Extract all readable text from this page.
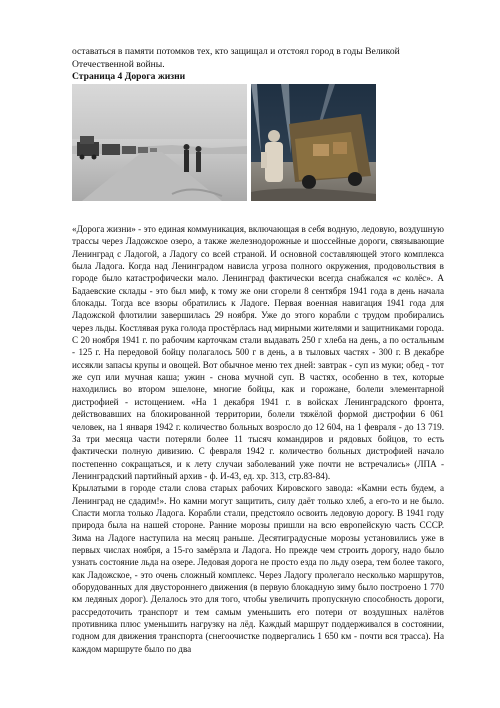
оставаться в памяти потомков тех, кто защищал и отстоял город в годы Великой Отечественной войны.

Страница 4 Дорога жизни

«Дорога жизни» - это единая коммуникация, включающая в себя водную, ледовую, воздушную трассы через Ладожское озеро, а также железнодорожные и шоссейные дороги, связывающие Ленинград с Ладогой, а Ладогу со всей страной. И основной составляющей этого комплекса была Ладога. Когда над Ленинградом нависла угроза полного окружения, продовольствия в городе было катастрофически мало. Ленинград фактически всегда снабжался «с колёс». А Бадаевские склады - это был миф, к тому же они сгорели 8 сентября 1941 года в день начала блокады. Тогда все взоры обратились к Ладоге. Первая военная навигация 1941 года для Ладожской флотилии завершилась 29 ноября. Уже до этого корабли с трудом пробирались через льды. Костлявая рука голода простёрлась над мирными жителями и защитниками города. С 20 ноября 1941 г. по рабочим карточкам стали выдавать 250 г хлеба на день, а по остальным - 125 г. На передовой бойцу полагалось 500 г в день, а в тыловых частях - 300 г. В декабре иссякли запасы крупы и овощей. Вот обычное меню тех дней: завтрак - суп из муки; обед - тот же суп или мучная каша; ужин - снова мучной суп. В частях, особенно в тех, которые находились во втором эшелоне, многие бойцы, как и горожане, болели элементарной дистрофией - истощением. «На 1 декабря 1941 г. в войсках Ленинградского фронта, действовавших на блокированной территории, болели тяжёлой формой дистрофии 6 061 человек, на 1 января 1942 г. количество больных возросло до 12 604, на 1 февраля - до 13 719. За три месяца части потеряли более 11 тысяч командиров и рядовых бойцов, то есть фактически полную дивизию. С февраля 1942 г. количество больных дистрофией начало постепенно сокращаться, и к лету случаи заболеваний уже почти не встречались» (ЛПА - Ленинградский партийный архив - ф. И-43, ед. хр. 313, стр.83-84).

Крылатыми в городе стали слова старых рабочих Кировского завода: «Камни есть будем, а Ленинград не сдадим!». Но камни могут защитить, силу даёт только хлеб, а его-то и не было. Спасти могла только Ладога. Корабли стали, предстояло освоить ледовую дорогу. В 1941 году природа была на нашей стороне. Ранние морозы пришли на всю европейскую часть СССР. Зима на Ладоге наступила на месяц раньше. Десятиградусные морозы установились уже в первых числах ноября, а 15-го замёрзла и Ладога. Но прежде чем строить дорогу, надо было узнать состояние льда на озере. Ледовая дорога не просто езда по льду озера, тем более такого, как Ладожское, - это очень сложный комплекс. Через Ладогу пролегало несколько маршрутов, оборудованных для двустороннего движения (в первую блокадную зиму было построено 1 770 км ледяных дорог). Делалось это для того, чтобы увеличить пропускную способность дороги, рассредоточить транспорт и тем самым уменьшить его потери от воздушных налётов противника плюс уменьшить нагрузку на лёд. Каждый маршрут поддерживался в состоянии, годном для движения транспорта (снегоочистке подвергались 1 650 км - почти вся трасса). На каждом маршруте было по два
